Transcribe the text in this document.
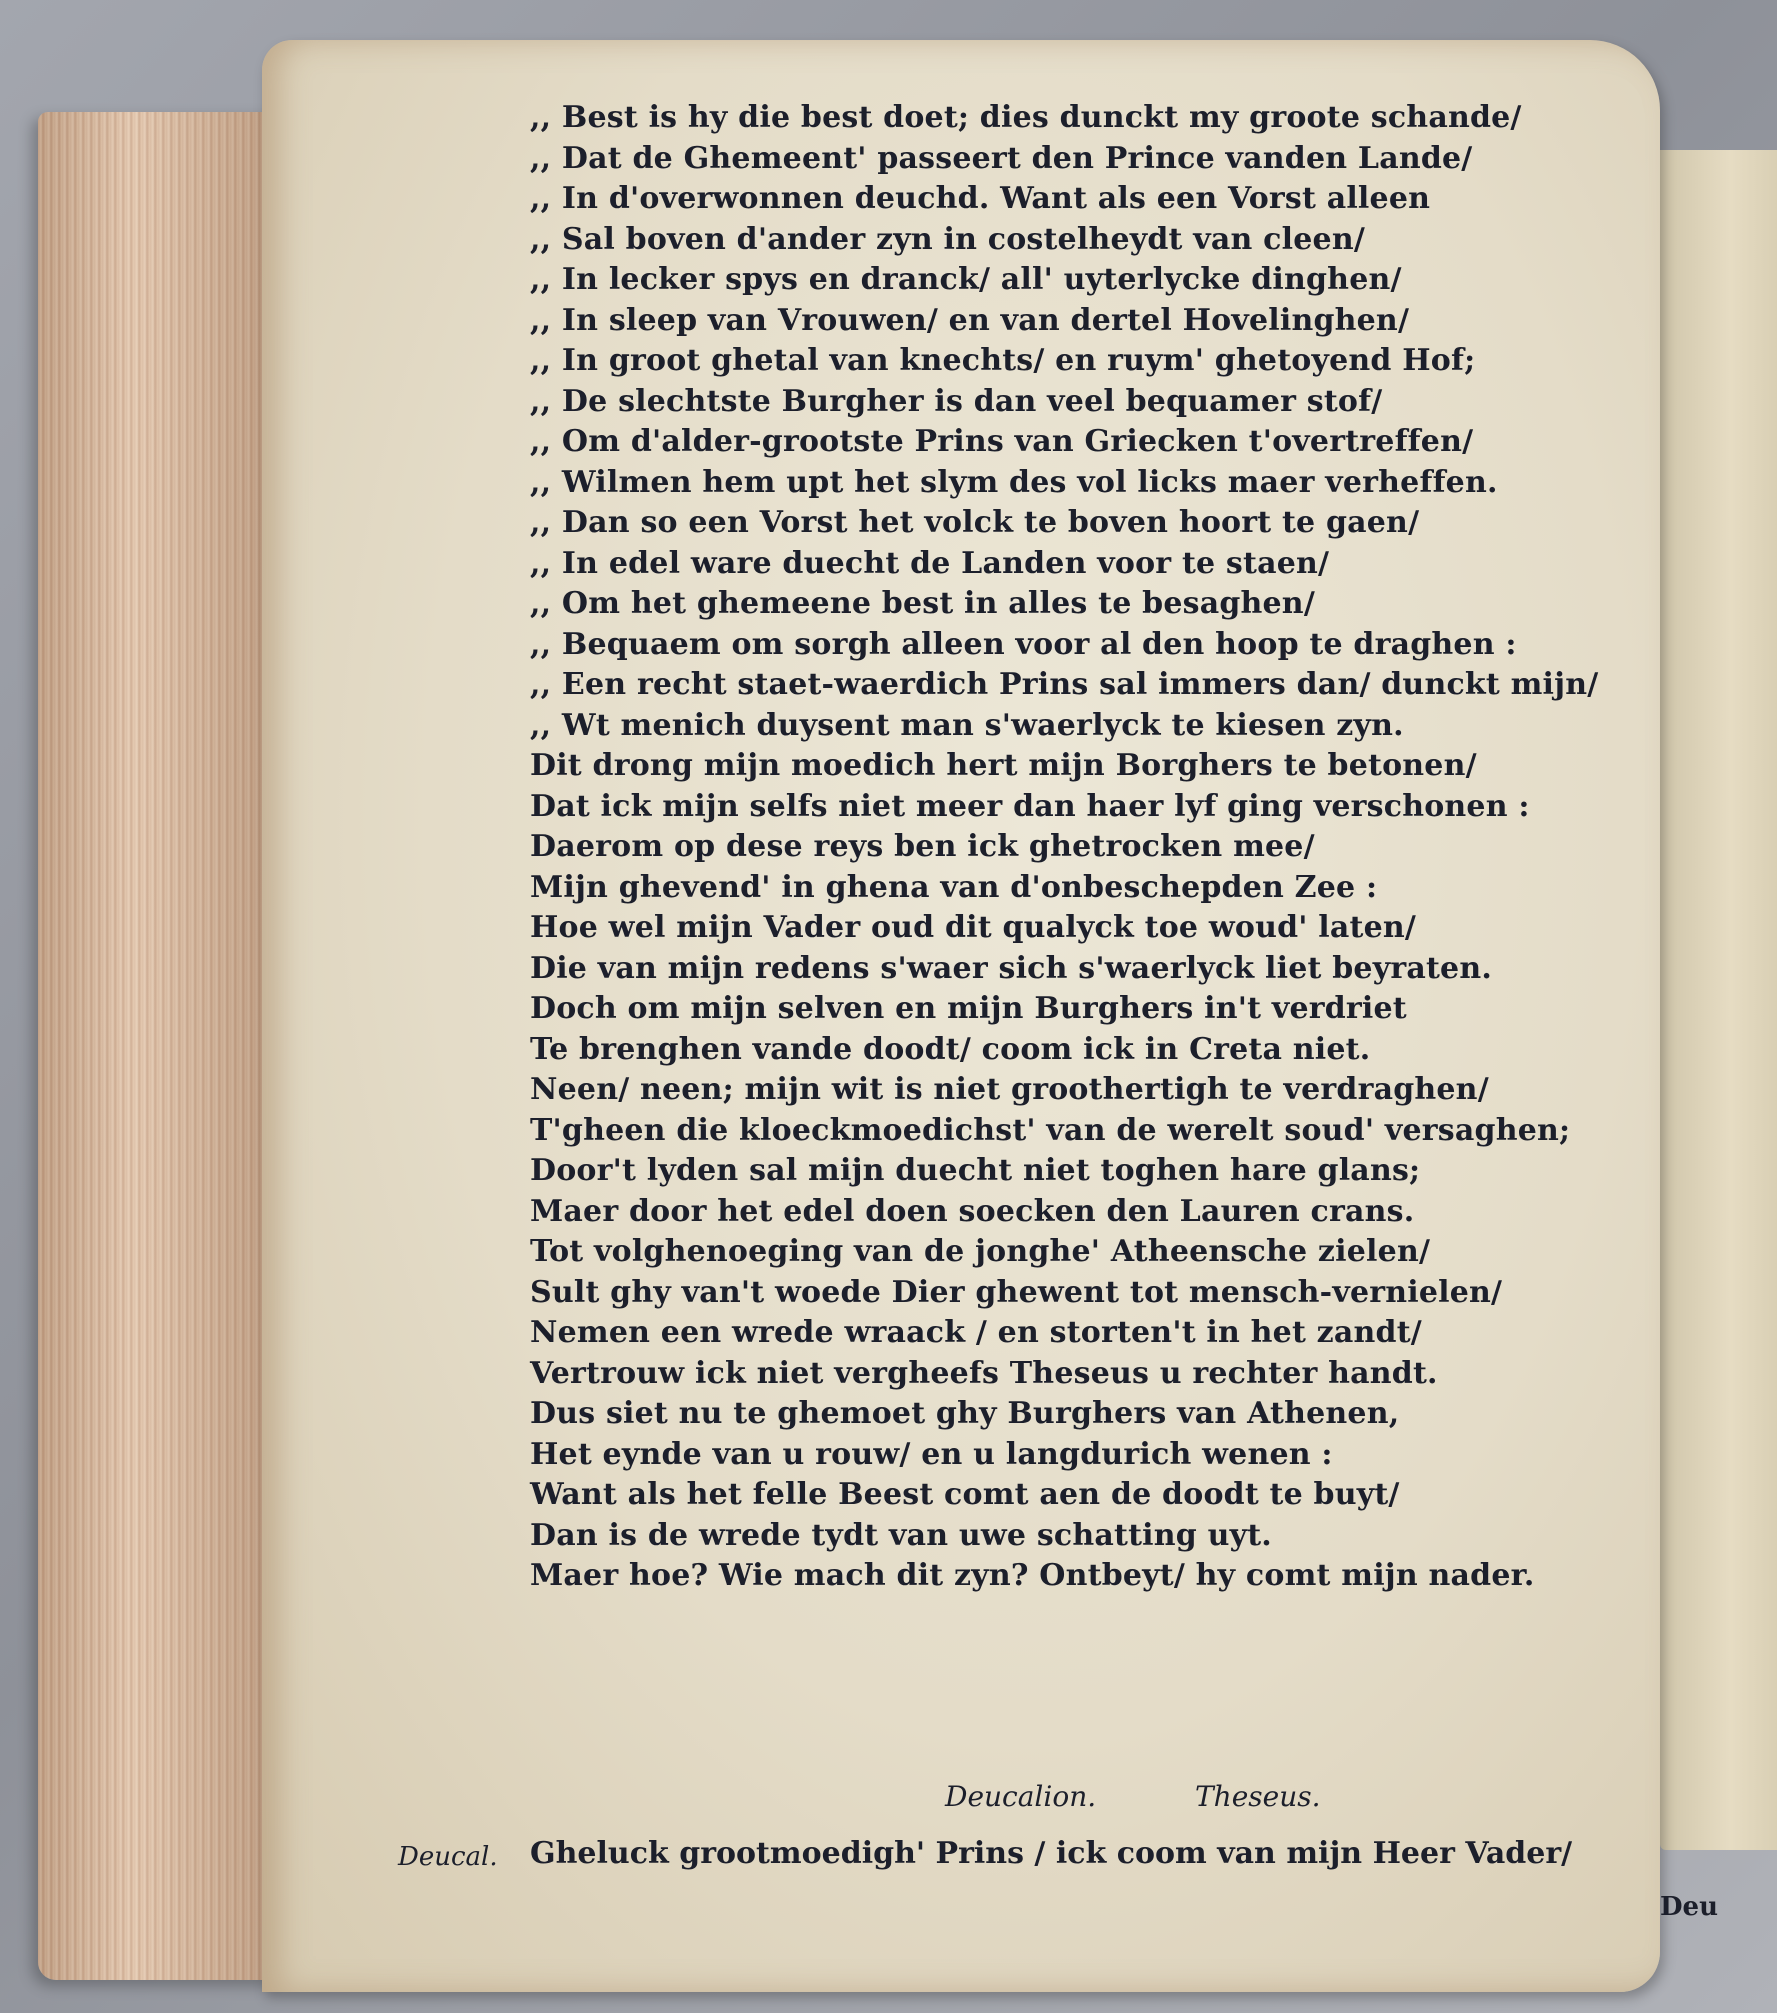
,, Best is hy die best doet; dies dunckt my groote schande/
,, Dat de Ghemeent' passeert den Prince vanden Lande/
,, In d'overwonnen deuchd. Want als een Vorst alleen
,, Sal boven d'ander zyn in costelheydt van cleen/
,, In lecker spys en dranck/ all' uyterlycke dinghen/
,, In sleep van Vrouwen/ en van dertel Hovelinghen/
,, In groot ghetal van knechts/ en ruym' ghetoyend Hof;
,, De slechtste Burgher is dan veel bequamer stof/
,, Om d'alder-grootste Prins van Griecken t'overtreffen/
,, Wilmen hem upt het slym des vol licks maer verheffen.
,, Dan so een Vorst het volck te boven hoort te gaen/
,, In edel ware duecht de Landen voor te staen/
,, Om het ghemeene best in alles te besaghen/
,, Bequaem om sorgh alleen voor al den hoop te draghen :
,, Een recht staet-waerdich Prins sal immers dan/ dunckt mijn/
,, Wt menich duysent man s'waerlyck te kiesen zyn.
Dit drong mijn moedich hert mijn Borghers te betonen/
Dat ick mijn selfs niet meer dan haer lyf ging verschonen :
Daerom op dese reys ben ick ghetrocken mee/
Mijn ghevend' in ghena van d'onbeschepden Zee :
Hoe wel mijn Vader oud dit qualyck toe woud' laten/
Die van mijn redens s'waer sich s'waerlyck liet beyraten.
Doch om mijn selven en mijn Burghers in't verdriet
Te brenghen vande doodt/ coom ick in Creta niet.
Neen/ neen; mijn wit is niet groothertigh te verdraghen/
T'gheen die kloeckmoedichst' van de werelt soud' versaghen;
Door't lyden sal mijn duecht niet toghen hare glans;
Maer door het edel doen soecken den Lauren crans.
Tot volghenoeging van de jonghe' Atheensche zielen/
Sult ghy van't woede Dier ghewent tot mensch-vernielen/
Nemen een wrede wraack / en storten't in het zandt/
Vertrouw ick niet vergheefs Theseus u rechter handt.
Dus siet nu te ghemoet ghy Burghers van Athenen,
Het eynde van u rouw/ en u langdurich wenen :
Want als het felle Beest comt aen de doodt te buyt/
Dan is de wrede tydt van uwe schatting uyt.
Maer hoe? Wie mach dit zyn? Ontbeyt/ hy comt mijn nader.
Deucalion.	Theseus.
Deucal. Gheluck grootmoedigh' Prins / ick coom van mijn Heer Vader/
Deu
